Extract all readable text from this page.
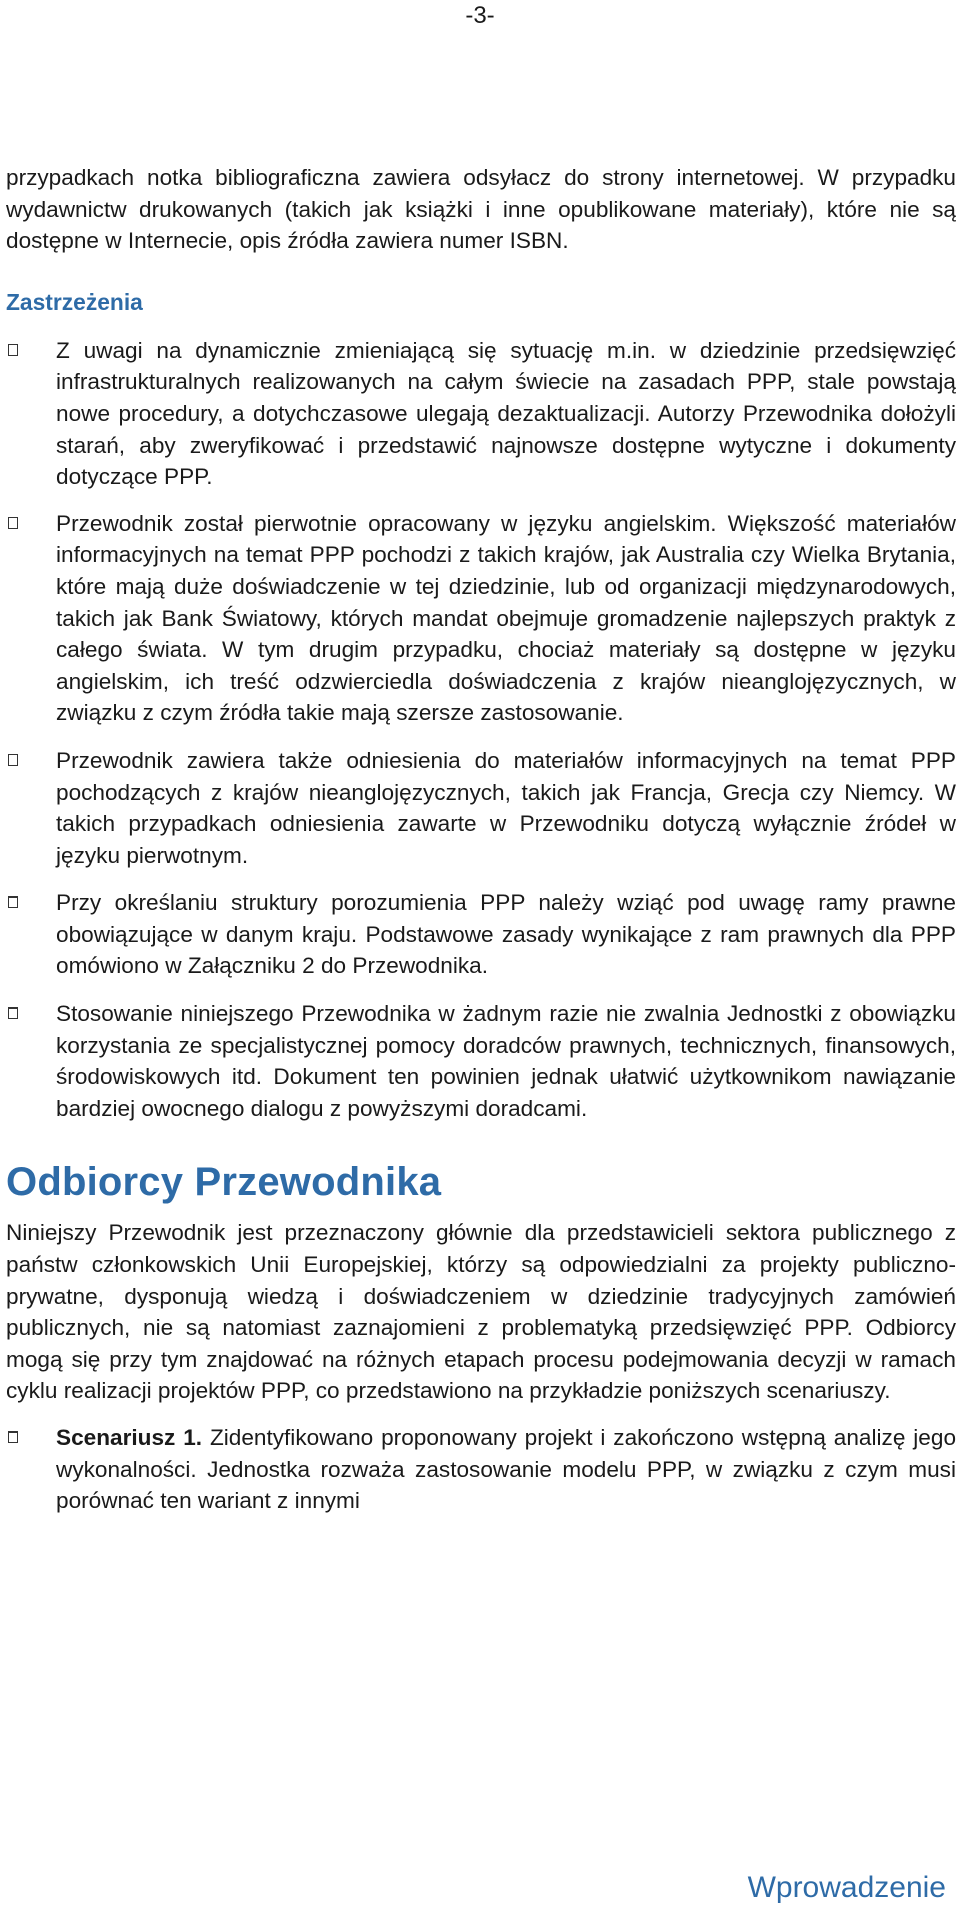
-3-

przypadkach notka bibliograficzna zawiera odsyłacz do strony internetowej. W przypadku wydawnictw drukowanych (takich jak książki i inne opublikowane materiały), które nie są dostępne w Internecie, opis źródła zawiera numer ISBN.

Zastrzeżenia

Z uwagi na dynamicznie zmieniającą się sytuację m.in. w dziedzinie przedsięwzięć infrastrukturalnych realizowanych na całym świecie na zasadach PPP, stale powstają nowe procedury, a dotychczasowe ulegają dezaktualizacji. Autorzy Przewodnika dołożyli starań, aby zweryfikować i przedstawić najnowsze dostępne wytyczne i dokumenty dotyczące PPP.

Przewodnik został pierwotnie opracowany w języku angielskim. Większość materiałów informacyjnych na temat PPP pochodzi z takich krajów, jak Australia czy Wielka Brytania, które mają duże doświadczenie w tej dziedzinie, lub od organizacji międzynarodowych, takich jak Bank Światowy, których mandat obejmuje gromadzenie najlepszych praktyk z całego świata. W tym drugim przypadku, chociaż materiały są dostępne w języku angielskim, ich treść odzwierciedla doświadczenia z krajów nieanglojęzycznych, w związku z czym źródła takie mają szersze zastosowanie.

Przewodnik zawiera także odniesienia do materiałów informacyjnych na temat PPP pochodzących z krajów nieanglojęzycznych, takich jak Francja, Grecja czy Niemcy. W takich przypadkach odniesienia zawarte w Przewodniku dotyczą wyłącznie źródeł w języku pierwotnym.

Przy określaniu struktury porozumienia PPP należy wziąć pod uwagę ramy prawne obowiązujące w danym kraju. Podstawowe zasady wynikające z ram prawnych dla PPP omówiono w Załączniku 2 do Przewodnika.

Stosowanie niniejszego Przewodnika w żadnym razie nie zwalnia Jednostki z obowiązku korzystania ze specjalistycznej pomocy doradców prawnych, technicznych, finansowych, środowiskowych itd. Dokument ten powinien jednak ułatwić użytkownikom nawiązanie bardziej owocnego dialogu z powyższymi doradcami.

Odbiorcy Przewodnika

Niniejszy Przewodnik jest przeznaczony głównie dla przedstawicieli sektora publicznego z państw członkowskich Unii Europejskiej, którzy są odpowiedzialni za projekty publiczno-prywatne, dysponują wiedzą i doświadczeniem w dziedzinie tradycyjnych zamówień publicznych, nie są natomiast zaznajomieni z problematyką przedsięwzięć PPP. Odbiorcy mogą się przy tym znajdować na różnych etapach procesu podejmowania decyzji w ramach cyklu realizacji projektów PPP, co przedstawiono na przykładzie poniższych scenariuszy.

Scenariusz 1. Zidentyfikowano proponowany projekt i zakończono wstępną analizę jego wykonalności. Jednostka rozważa zastosowanie modelu PPP, w związku z czym musi porównać ten wariant z innymi

Wprowadzenie
